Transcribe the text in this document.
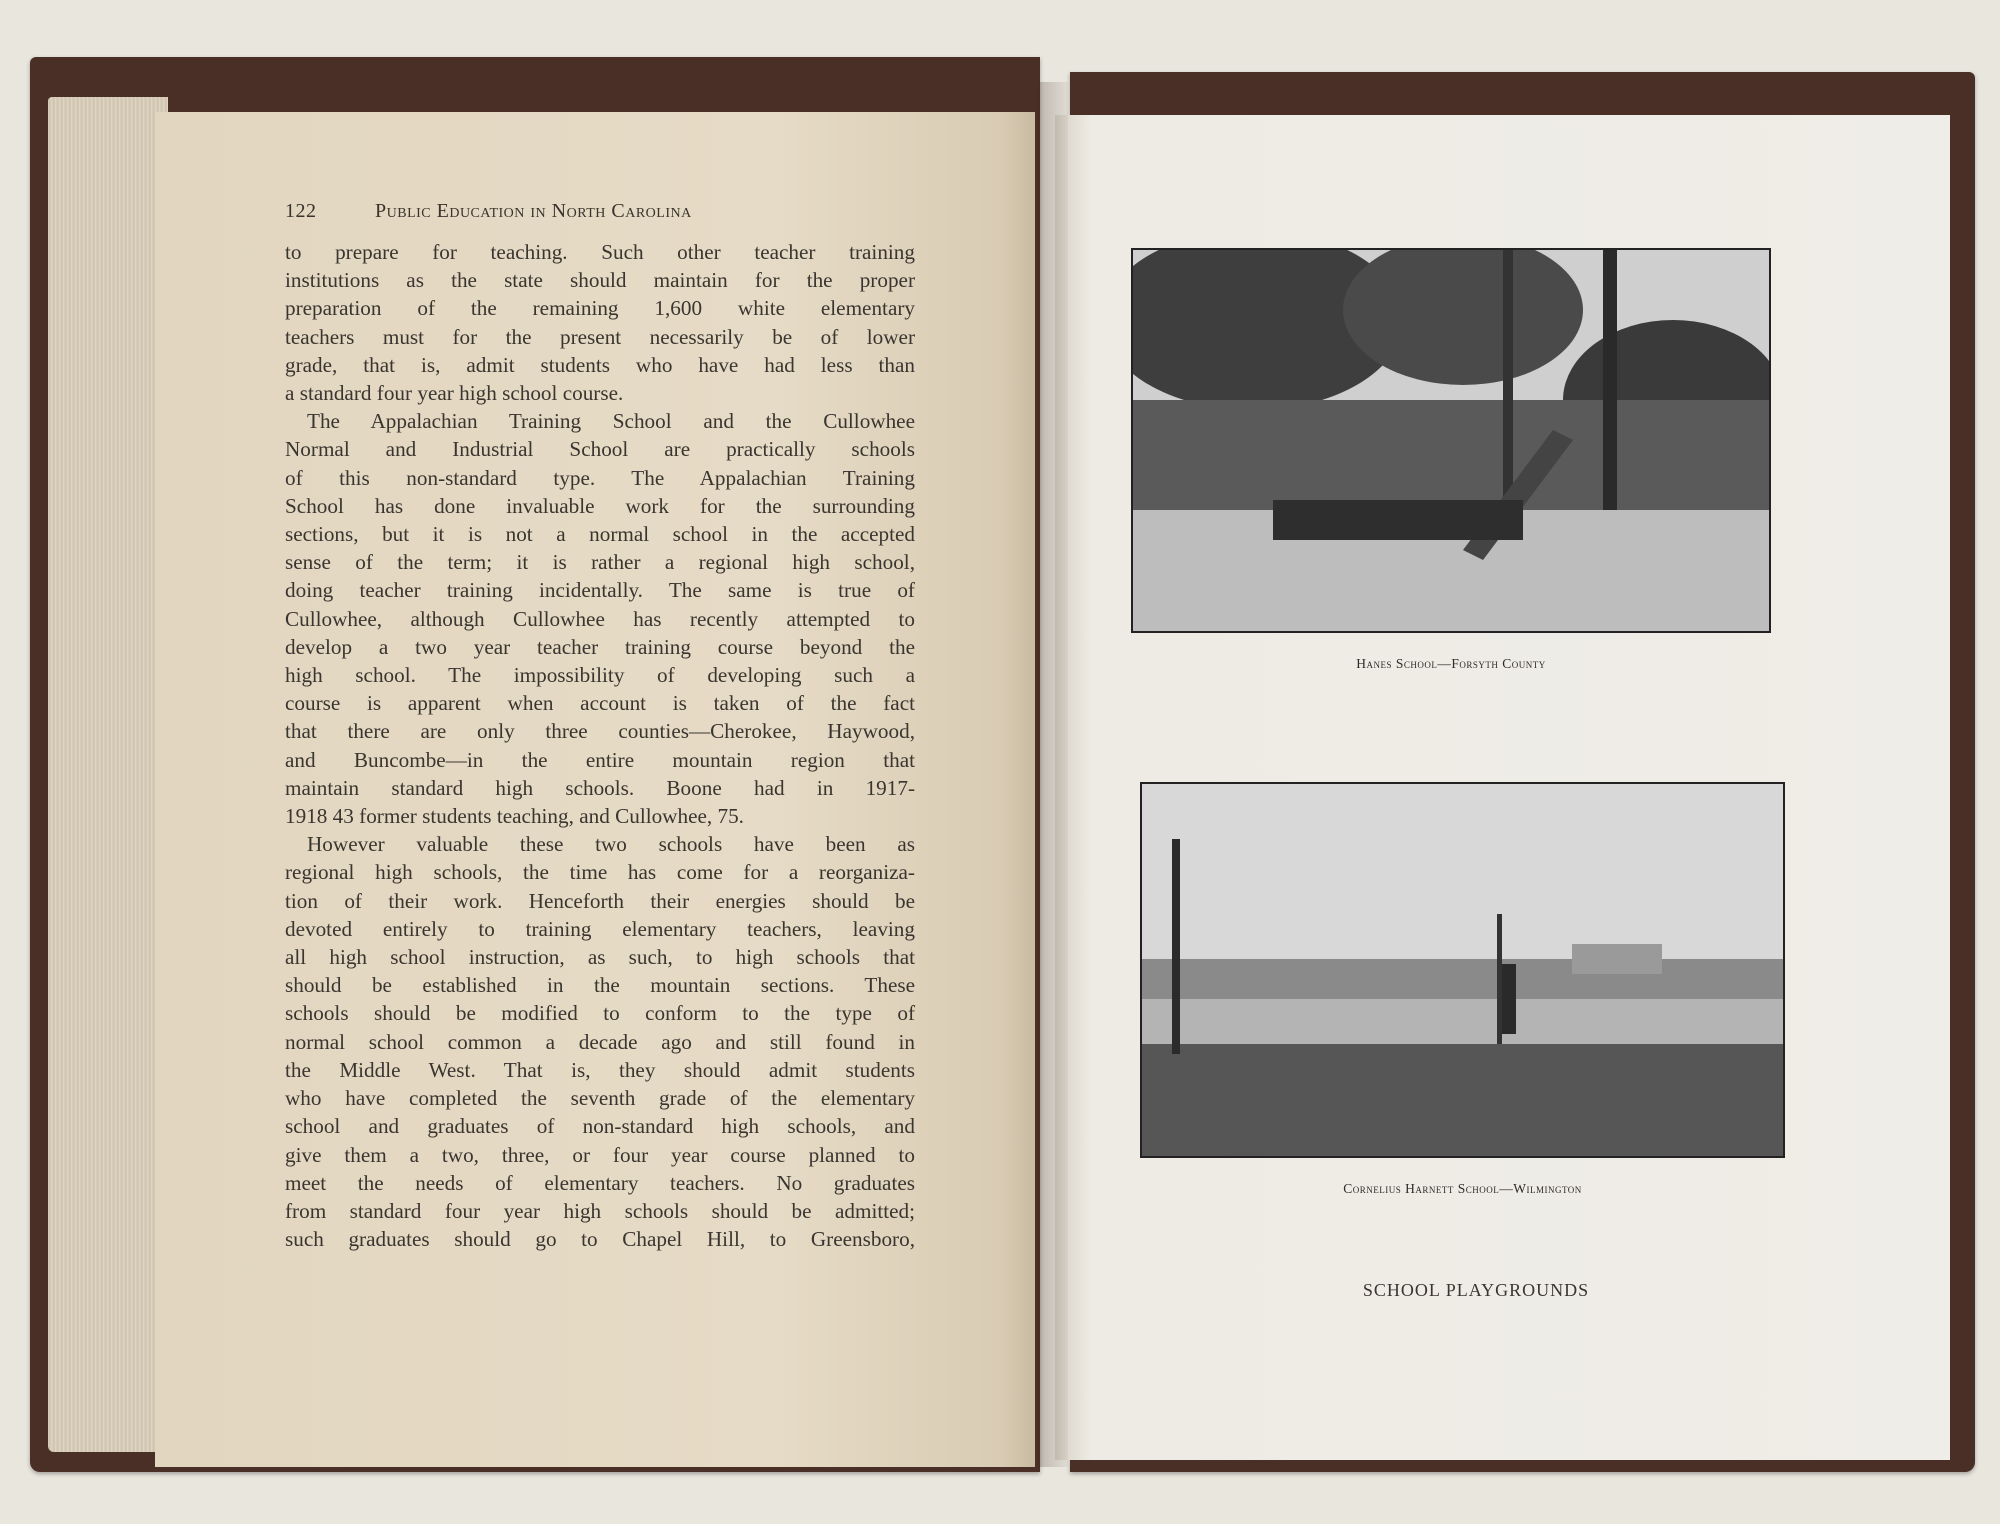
122	Public Education in North Carolina
to prepare for teaching. Such other teacher training
institutions as the state should maintain for the proper
preparation of the remaining 1,600 white elementary
teachers must for the present necessarily be of lower
grade, that is, admit students who have had less than
a standard four year high school course.
The Appalachian Training School and the Cullowhee
Normal and Industrial School are practically schools
of this non-standard type. The Appalachian Training
School has done invaluable work for the surrounding
sections, but it is not a normal school in the accepted
sense of the term; it is rather a regional high school,
doing teacher training incidentally. The same is true of
Cullowhee, although Cullowhee has recently attempted to
develop a two year teacher training course beyond the
high school. The impossibility of developing such a
course is apparent when account is taken of the fact
that there are only three counties—Cherokee, Haywood,
and Buncombe—in the entire mountain region that
maintain standard high schools. Boone had in 1917-
1918 43 former students teaching, and Cullowhee, 75.
However valuable these two schools have been as
regional high schools, the time has come for a reorganiza-
tion of their work. Henceforth their energies should be
devoted entirely to training elementary teachers, leaving
all high school instruction, as such, to high schools that
should be established in the mountain sections. These
schools should be modified to conform to the type of
normal school common a decade ago and still found in
the Middle West. That is, they should admit students
who have completed the seventh grade of the elementary
school and graduates of non-standard high schools, and
give them a two, three, or four year course planned to
meet the needs of elementary teachers. No graduates
from standard four year high schools should be admitted;
such graduates should go to Chapel Hill, to Greensboro,
Hanes School—Forsyth County
Cornelius Harnett School—Wilmington
SCHOOL PLAYGROUNDS
